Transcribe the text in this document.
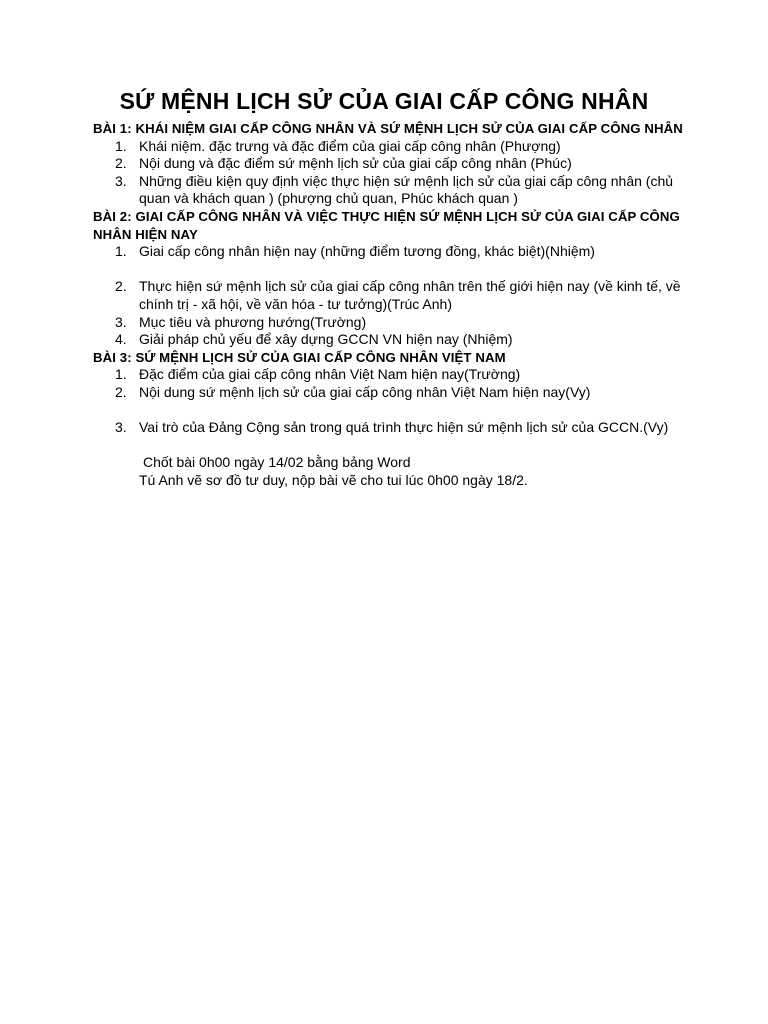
SỨ MỆNH LỊCH SỬ CỦA GIAI CẤP CÔNG NHÂN
BÀI 1: KHÁI NIỆM GIAI CẤP CÔNG NHÂN VÀ SỨ MỆNH LỊCH SỬ CỦA GIAI CẤP CÔNG NHÂN
1. Khái niệm. đặc trưng và đặc điểm của giai cấp công nhân (Phượng)
2. Nội dung và đặc điểm sứ mệnh lịch sử của giai cấp công nhân (Phúc)
3. Những điều kiện quy định việc thực hiện sứ mệnh lịch sử của giai cấp công nhân (chủ quan và khách quan ) (phượng chủ quan, Phúc khách quan )
BÀI 2: GIAI CẤP CÔNG NHÂN VÀ VIỆC THỰC HIỆN SỨ MỆNH LỊCH SỬ CỦA GIAI CẤP CÔNG NHÂN HIỆN NAY
1. Giai cấp công nhân hiện nay (những điểm tương đồng, khác biệt)(Nhiệm)
2. Thực hiện sứ mệnh lịch sử của giai cấp công nhân trên thế giới hiện nay (về kinh tế, về chính trị - xã hội, về văn hóa - tư tưởng)(Trúc Anh)
3. Mục tiêu và phương hướng(Trường)
4. Giải pháp chủ yếu để xây dựng GCCN VN hiện nay (Nhiệm)
BÀI 3: SỨ MỆNH LỊCH SỬ CỦA GIAI CẤP CÔNG NHÂN VIỆT NAM
1. Đặc điểm của giai cấp công nhân Việt Nam hiện nay(Trường)
2. Nội dung sứ mệnh lịch sử của giai cấp công nhân Việt Nam hiện nay(Vy)
3. Vai trò của Đảng Cộng sản trong quá trình thực hiện sứ mệnh lịch sử của GCCN.(Vy)
Chốt bài 0h00 ngày 14/02 bằng bảng Word
Tú Anh vẽ sơ đồ tư duy, nộp bài vẽ cho tui lúc 0h00 ngày 18/2.
